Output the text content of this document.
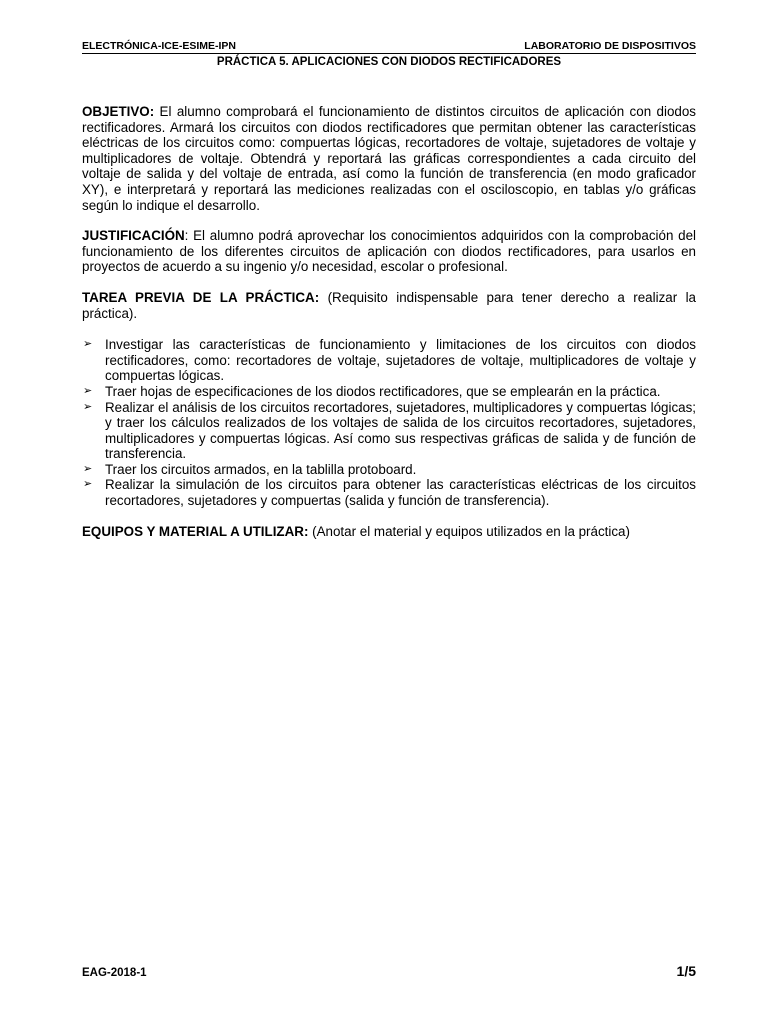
ELECTRÓNICA-ICE-ESIME-IPN	LABORATORIO DE DISPOSITIVOS
PRÁCTICA 5. APLICACIONES CON DIODOS RECTIFICADORES

OBJETIVO: El alumno comprobará el funcionamiento de distintos circuitos de aplicación con diodos rectificadores. Armará los circuitos con diodos rectificadores que permitan obtener las características eléctricas de los circuitos como: compuertas lógicas, recortadores de voltaje, sujetadores de voltaje y multiplicadores de voltaje. Obtendrá y reportará las gráficas correspondientes a cada circuito del voltaje de salida y del voltaje de entrada, así como la función de transferencia (en modo graficador XY), e interpretará y reportará las mediciones realizadas con el osciloscopio, en tablas y/o gráficas según lo indique el desarrollo.

JUSTIFICACIÓN: El alumno podrá aprovechar los conocimientos adquiridos con la comprobación del funcionamiento de los diferentes circuitos de aplicación con diodos rectificadores, para usarlos en proyectos de acuerdo a su ingenio y/o necesidad, escolar o profesional.

TAREA PREVIA DE LA PRÁCTICA: (Requisito indispensable para tener derecho a realizar la práctica).

➢ Investigar las características de funcionamiento y limitaciones de los circuitos con diodos rectificadores, como: recortadores de voltaje, sujetadores de voltaje, multiplicadores de voltaje y compuertas lógicas.
➢ Traer hojas de especificaciones de los diodos rectificadores, que se emplearán en la práctica.
➢ Realizar el análisis de los circuitos recortadores, sujetadores, multiplicadores y compuertas lógicas; y traer los cálculos realizados de los voltajes de salida de los circuitos recortadores, sujetadores, multiplicadores y compuertas lógicas. Así como sus respectivas gráficas de salida y de función de transferencia.
➢ Traer los circuitos armados, en la tablilla protoboard.
➢ Realizar la simulación de los circuitos para obtener las características eléctricas de los circuitos recortadores, sujetadores y compuertas (salida y función de transferencia).

EQUIPOS Y MATERIAL A UTILIZAR: (Anotar el material y equipos utilizados en la práctica)

EAG-2018-1	1/5
